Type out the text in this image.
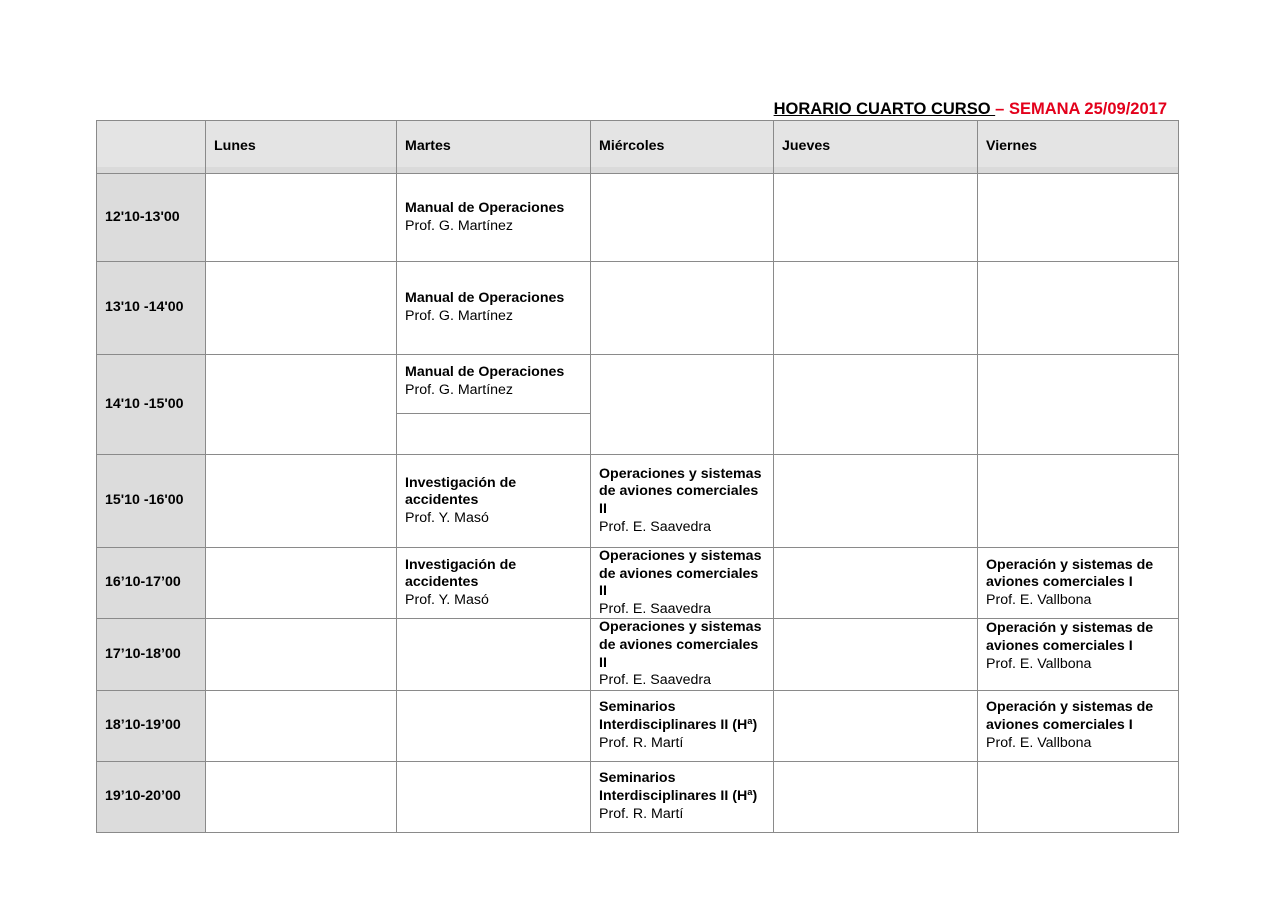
HORARIO CUARTO CURSO – SEMANA 25/09/2017
	Lunes	Martes	Miércoles	Jueves	Viernes
12'10-13'00		Manual de Operaciones
Prof. G. Martínez			

13'10 -14'00		Manual de Operaciones
Prof. G. Martínez			

14'10 -15'00		Manual de Operaciones
Prof. G. Martínez			

15'10 -16'00		Investigación de accidentes
Prof. Y. Masó	Operaciones y sistemas de aviones comerciales II
Prof. E. Saavedra		

16’10-17’00		Investigación de accidentes
Prof. Y. Masó	Operaciones y sistemas de aviones comerciales II
Prof. E. Saavedra		Operación y sistemas de aviones comerciales I
Prof. E. Vallbona

17’10-18’00			Operaciones y sistemas de aviones comerciales II
Prof. E. Saavedra		Operación y sistemas de aviones comerciales I
Prof. E. Vallbona

18’10-19’00			Seminarios Interdisciplinares II (Hª)
Prof. R. Martí		Operación y sistemas de aviones comerciales I
Prof. E. Vallbona

19’10-20’00			Seminarios Interdisciplinares II (Hª)
Prof. R. Martí		
